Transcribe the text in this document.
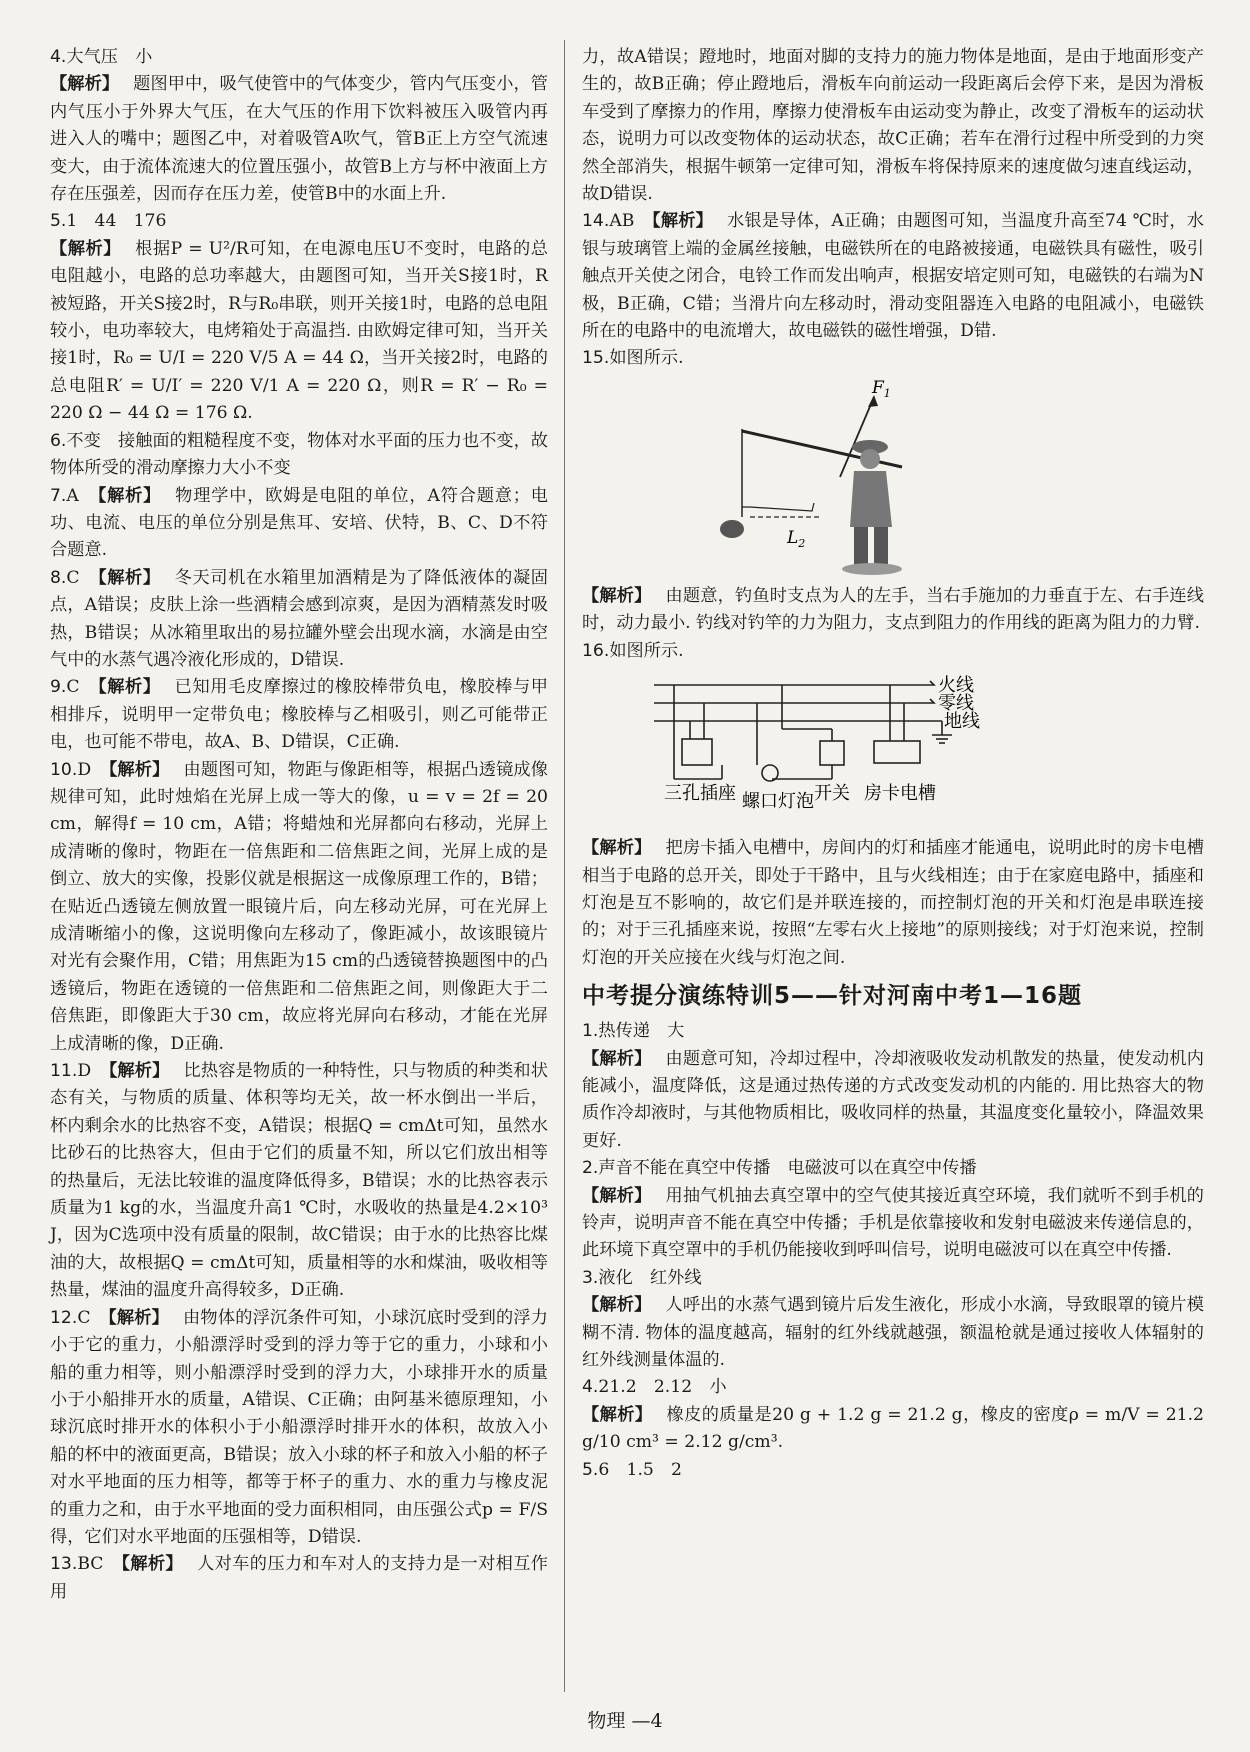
4.大气压　小
【解析】 题图甲中，吸气使管中的气体变少，管内气压变小，管内气压小于外界大气压，在大气压的作用下饮料被压入吸管内再进入人的嘴中；题图乙中，对着吸管A吹气，管B正上方空气流速变大，由于流体流速大的位置压强小，故管B上方与杯中液面上方存在压强差，因而存在压力差，使管B中的水面上升.

5.1　44　176
【解析】 根据P = U²/R可知，在电源电压U不变时，电路的总电阻越小，电路的总功率越大，由题图可知，当开关S接1时，R被短路，开关S接2时，R与R₀串联，则开关接1时，电路的总电阻较小，电功率较大，电烤箱处于高温挡. 由欧姆定律可知，当开关接1时，R₀ = U/I = 220 V/5 A = 44 Ω，当开关接2时，电路的总电阻R′ = U/I′ = 220 V/1 A = 220 Ω，则R = R′ − R₀ = 220 Ω − 44 Ω = 176 Ω.

6.不变　接触面的粗糙程度不变，物体对水平面的压力也不变，故物体所受的滑动摩擦力大小不变

7.A　 【解析】 物理学中，欧姆是电阻的单位，A符合题意；电功、电流、电压的单位分别是焦耳、安培、伏特，B、C、D不符合题意.

8.C　 【解析】 冬天司机在水箱里加酒精是为了降低液体的凝固点，A错误；皮肤上涂一些酒精会感到凉爽，是因为酒精蒸发时吸热，B错误；从冰箱里取出的易拉罐外壁会出现水滴，水滴是由空气中的水蒸气遇冷液化形成的，D错误.

9.C　 【解析】 已知用毛皮摩擦过的橡胶棒带负电，橡胶棒与甲相排斥，说明甲一定带负电；橡胶棒与乙相吸引，则乙可能带正电，也可能不带电，故A、B、D错误，C正确.

10.D　 【解析】 由题图可知，物距与像距相等，根据凸透镜成像规律可知，此时烛焰在光屏上成一等大的像，u = v = 2f = 20 cm，解得f = 10 cm，A错；将蜡烛和光屏都向右移动，光屏上成清晰的像时，物距在一倍焦距和二倍焦距之间，光屏上成的是倒立、放大的实像，投影仪就是根据这一成像原理工作的，B错；在贴近凸透镜左侧放置一眼镜片后，向左移动光屏，可在光屏上成清晰缩小的像，这说明像向左移动了，像距减小，故该眼镜片对光有会聚作用，C错；用焦距为15 cm的凸透镜替换题图中的凸透镜后，物距在透镜的一倍焦距和二倍焦距之间，则像距大于二倍焦距，即像距大于30 cm，故应将光屏向右移动，才能在光屏上成清晰的像，D正确.

11.D　 【解析】 比热容是物质的一种特性，只与物质的种类和状态有关，与物质的质量、体积等均无关，故一杯水倒出一半后，杯内剩余水的比热容不变，A错误；根据Q = cmΔt可知，虽然水比砂石的比热容大，但由于它们的质量不知，所以它们放出相等的热量后，无法比较谁的温度降低得多，B错误；水的比热容表示质量为1 kg的水，当温度升高1 ℃时，水吸收的热量是4.2×10³ J，因为C选项中没有质量的限制，故C错误；由于水的比热容比煤油的大，故根据Q = cmΔt可知，质量相等的水和煤油，吸收相等热量，煤油的温度升高得较多，D正确.

12.C　 【解析】 由物体的浮沉条件可知，小球沉底时受到的浮力小于它的重力，小船漂浮时受到的浮力等于它的重力，小球和小船的重力相等，则小船漂浮时受到的浮力大，小球排开水的质量小于小船排开水的质量，A错误、C正确；由阿基米德原理知，小球沉底时排开水的体积小于小船漂浮时排开水的体积，故放入小船的杯中的液面更高，B错误；放入小球的杯子和放入小船的杯子对水平地面的压力相等，都等于杯子的重力、水的重力与橡皮泥的重力之和，由于水平地面的受力面积相同，由压强公式p = F/S得，它们对水平地面的压强相等，D错误.

13.BC　 【解析】 人对车的压力和车对人的支持力是一对相互作用

力，故A错误；蹬地时，地面对脚的支持力的施力物体是地面，是由于地面形变产生的，故B正确；停止蹬地后，滑板车向前运动一段距离后会停下来，是因为滑板车受到了摩擦力的作用，摩擦力使滑板车由运动变为静止，改变了滑板车的运动状态，说明力可以改变物体的运动状态，故C正确；若车在滑行过程中所受到的力突然全部消失，根据牛顿第一定律可知，滑板车将保持原来的速度做匀速直线运动，故D错误.

14.AB　 【解析】 水银是导体，A正确；由题图可知，当温度升高至74 ℃时，水银与玻璃管上端的金属丝接触，电磁铁所在的电路被接通，电磁铁具有磁性，吸引触点开关使之闭合，电铃工作而发出响声，根据安培定则可知，电磁铁的右端为N极，B正确，C错；当滑片向左移动时，滑动变阻器连入电路的电阻减小，电磁铁所在的电路中的电流增大，故电磁铁的磁性增强，D错.

15.如图所示.

$F_1$
$L_2$

【解析】 由题意，钓鱼时支点为人的左手，当右手施加的力垂直于左、右手连线时，动力最小. 钓线对钓竿的力为阻力，支点到阻力的作用线的距离为阻力的力臂.

16.如图所示.

火线
零线
地线
三孔插座 螺口灯泡 开关 房卡电槽

【解析】 把房卡插入电槽中，房间内的灯和插座才能通电，说明此时的房卡电槽相当于电路的总开关，即处于干路中，且与火线相连；由于在家庭电路中，插座和灯泡是互不影响的，故它们是并联连接的，而控制灯泡的开关和灯泡是串联连接的；对于三孔插座来说，按照“左零右火上接地”的原则接线；对于灯泡来说，控制灯泡的开关应接在火线与灯泡之间.

中考提分演练特训5——针对河南中考1—16题

1.热传递　大
【解析】 由题意可知，冷却过程中，冷却液吸收发动机散发的热量，使发动机内能减小，温度降低，这是通过热传递的方式改变发动机的内能的. 用比热容大的物质作冷却液时，与其他物质相比，吸收同样的热量，其温度变化量较小，降温效果更好.

2.声音不能在真空中传播　电磁波可以在真空中传播
【解析】 用抽气机抽去真空罩中的空气使其接近真空环境，我们就听不到手机的铃声，说明声音不能在真空中传播；手机是依靠接收和发射电磁波来传递信息的，此环境下真空罩中的手机仍能接收到呼叫信号，说明电磁波可以在真空中传播.

3.液化　红外线
【解析】 人呼出的水蒸气遇到镜片后发生液化，形成小水滴，导致眼罩的镜片模糊不清. 物体的温度越高，辐射的红外线就越强，额温枪就是通过接收人体辐射的红外线测量体温的.

4.21.2　2.12　小
【解析】 橡皮的质量是20 g + 1.2 g = 21.2 g，橡皮的密度ρ = m/V = 21.2 g/10 cm³ = 2.12 g/cm³.

5.6　1.5　2

物理 —4
